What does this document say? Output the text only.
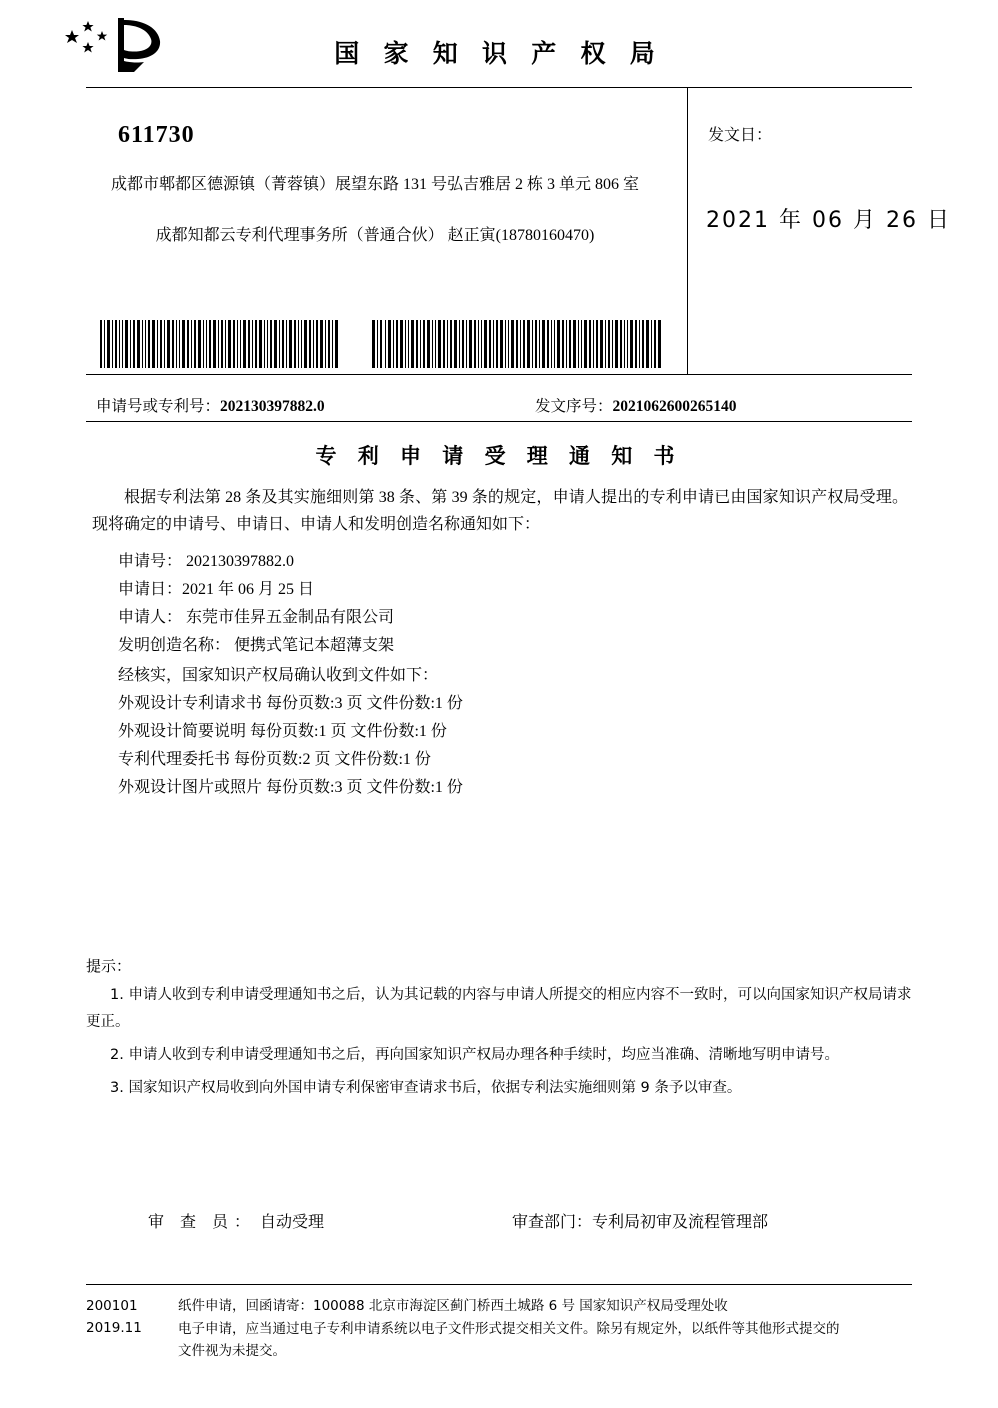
国 家 知 识 产 权 局
611730
成都市郫都区德源镇（菁蓉镇）展望东路 131 号弘吉雅居 2 栋 3 单元 806 室
成都知都云专利代理事务所（普通合伙） 赵正寅(18780160470)
发文日：
2021 年 06 月 26 日
申请号或专利号：202130397882.0	发文序号：2021062600265140
专 利 申 请 受 理 通 知 书
根据专利法第 28 条及其实施细则第 38 条、第 39 条的规定，申请人提出的专利申请已由国家知识产权局受理。现将确定的申请号、申请日、申请人和发明创造名称通知如下：
申请号： 202130397882.0
申请日：2021 年 06 月 25 日
申请人： 东莞市佳昇五金制品有限公司
发明创造名称： 便携式笔记本超薄支架
经核实，国家知识产权局确认收到文件如下：
外观设计专利请求书 每份页数:3 页 文件份数:1 份
外观设计简要说明 每份页数:1 页 文件份数:1 份
专利代理委托书 每份页数:2 页 文件份数:1 份
外观设计图片或照片 每份页数:3 页 文件份数:1 份
提示：

1. 申请人收到专利申请受理通知书之后，认为其记载的内容与申请人所提交的相应内容不一致时，可以向国家知识产权局请求更正。

2. 申请人收到专利申请受理通知书之后，再向国家知识产权局办理各种手续时，均应当准确、清晰地写明申请号。

3. 国家知识产权局收到向外国申请专利保密审查请求书后，依据专利法实施细则第 9 条予以审查。

审 查 员： 自动受理	审查部门：专利局初审及流程管理部
200101
2019.11
纸件申请，回函请寄：100088 北京市海淀区蓟门桥西土城路 6 号 国家知识产权局受理处收
电子申请，应当通过电子专利申请系统以电子文件形式提交相关文件。除另有规定外，以纸件等其他形式提交的
文件视为未提交。
